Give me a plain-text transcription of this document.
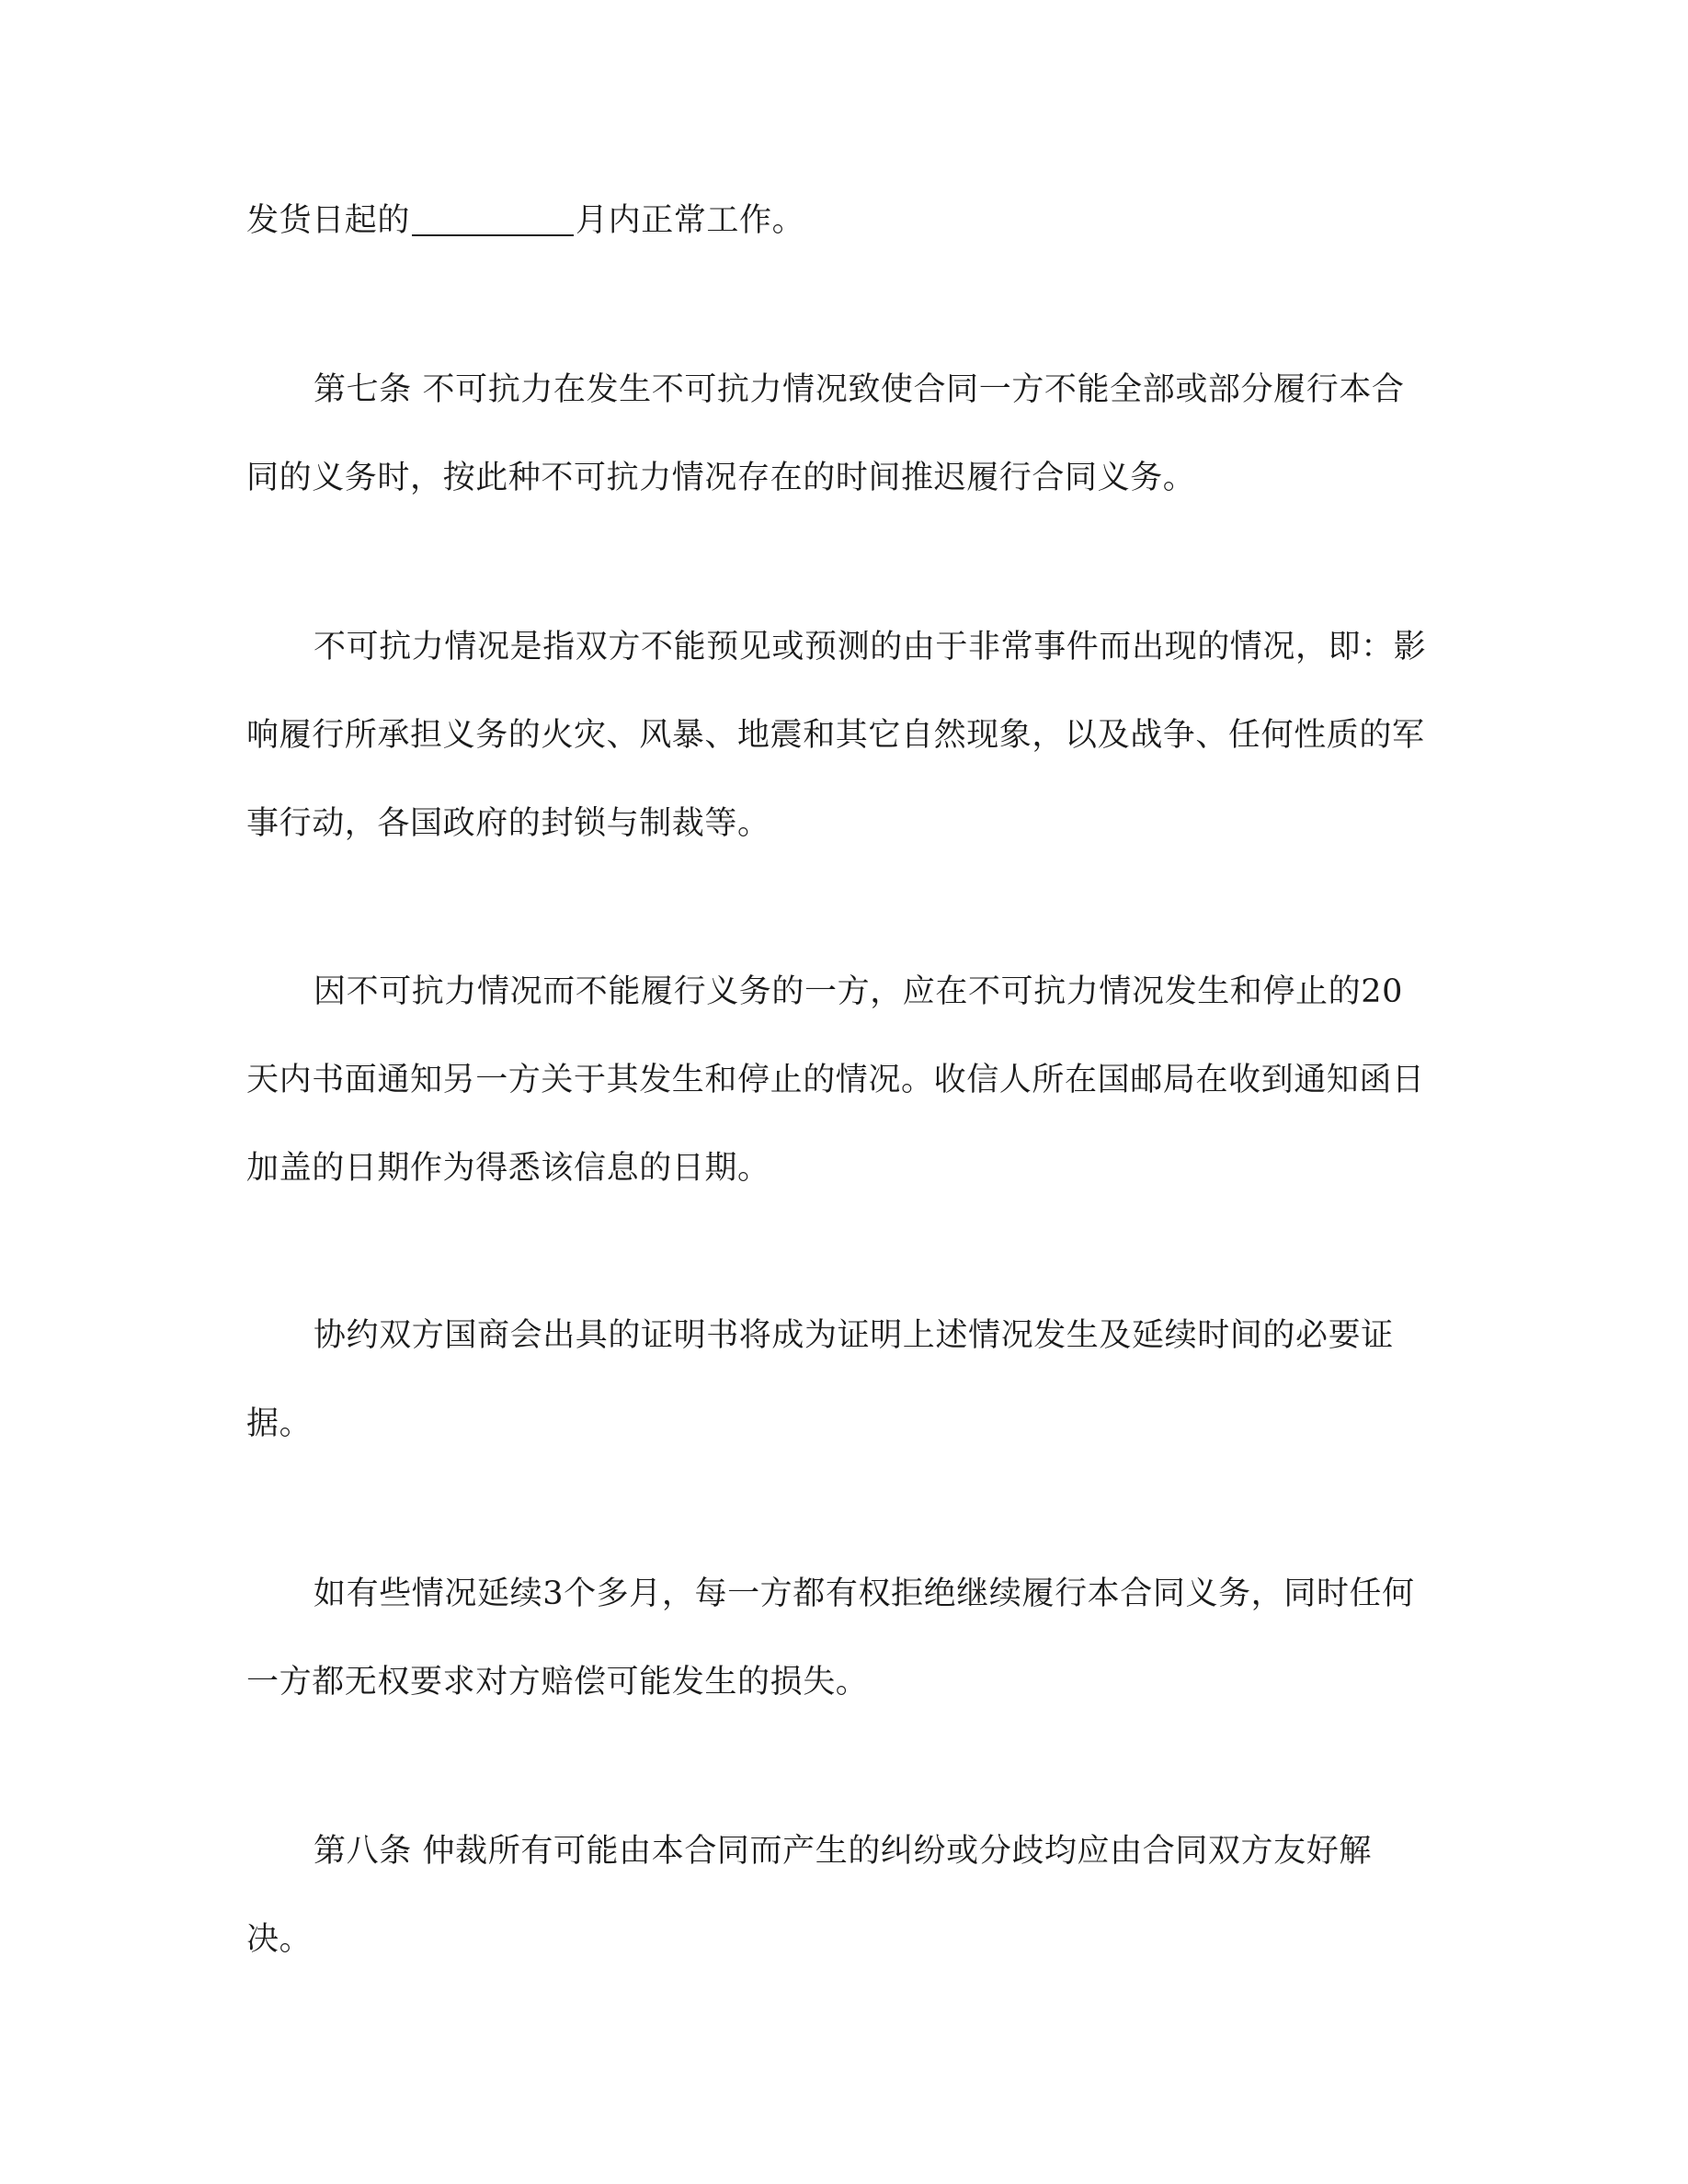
发货日起的	月内正常工作。

第七条 不可抗力在发生不可抗力情况致使合同一方不能全部或部分履行本合同的义务时，按此种不可抗力情况存在的时间推迟履行合同义务。

不可抗力情况是指双方不能预见或预测的由于非常事件而出现的情况，即：影响履行所承担义务的火灾、风暴、地震和其它自然现象，以及战争、任何性质的军事行动，各国政府的封锁与制裁等。

因不可抗力情况而不能履行义务的一方，应在不可抗力情况发生和停止的20天内书面通知另一方关于其发生和停止的情况。收信人所在国邮局在收到通知函日加盖的日期作为得悉该信息的日期。

协约双方国商会出具的证明书将成为证明上述情况发生及延续时间的必要证据。

如有些情况延续3个多月，每一方都有权拒绝继续履行本合同义务，同时任何一方都无权要求对方赔偿可能发生的损失。

第八条 仲裁所有可能由本合同而产生的纠纷或分歧均应由合同双方友好解决。
